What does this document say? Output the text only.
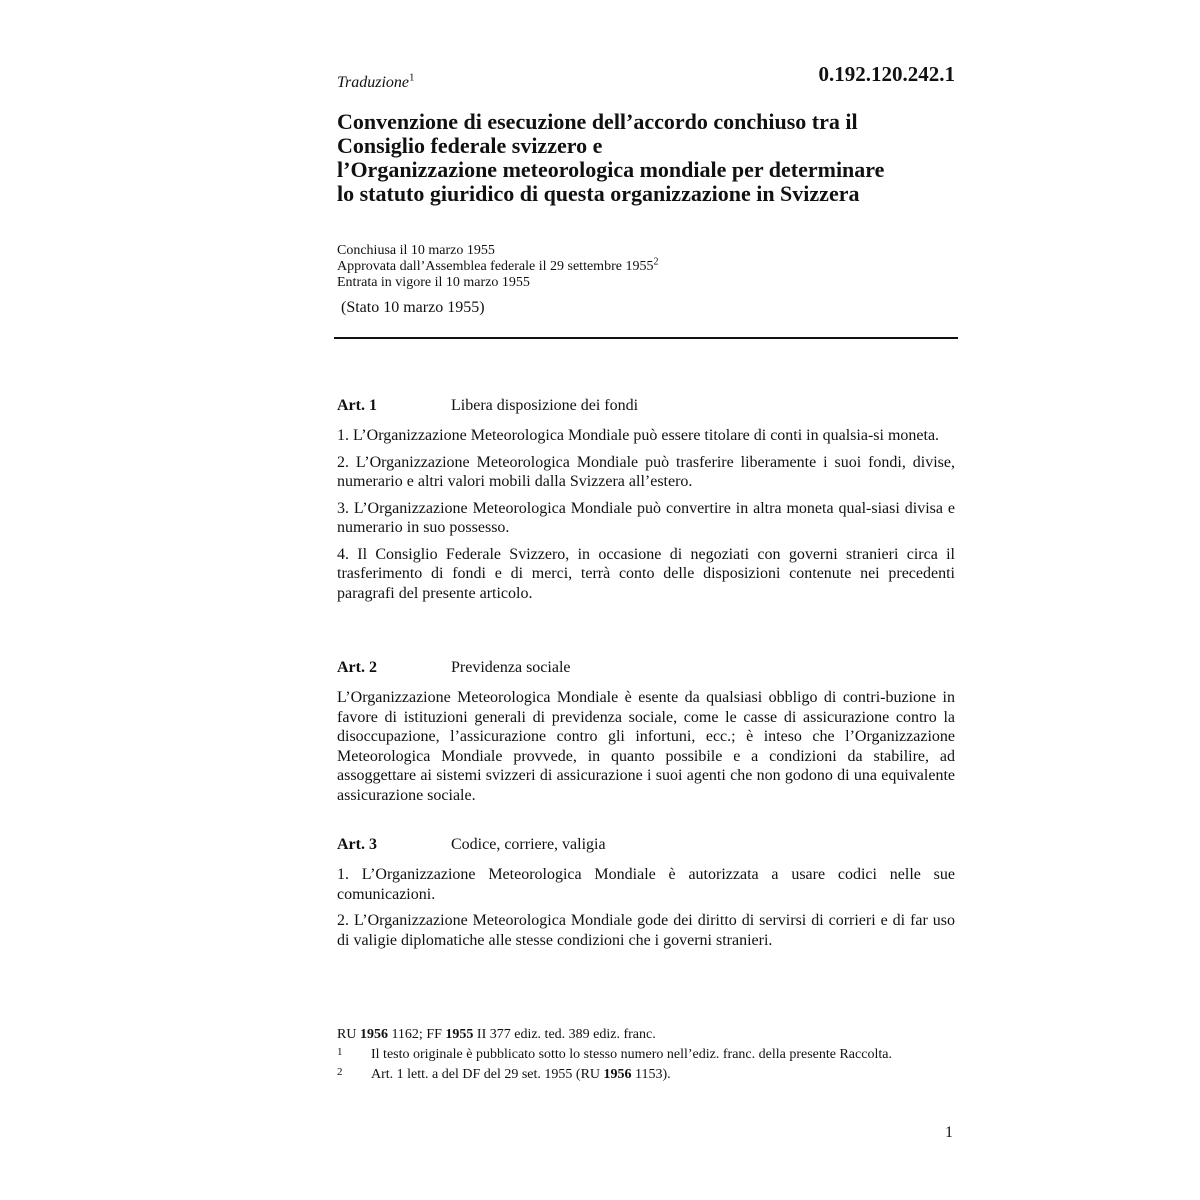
Traduzione$^1$	0.192.120.242.1
Convenzione di esecuzione dell’accordo conchiuso tra il
Consiglio federale svizzero e
l’Organizzazione meteorologica mondiale per determinare
lo statuto giuridico di questa organizzazione in Svizzera
Conchiusa il 10 marzo 1955
Approvata dall’Assemblea federale il 29 settembre 1955$^2$
Entrata in vigore il 10 marzo 1955
(Stato 10 marzo 1955)
Art. 1	Libera disposizione dei fondi

1. L’Organizzazione Meteorologica Mondiale può essere titolare di conti in qualsia-si moneta.

2. L’Organizzazione Meteorologica Mondiale può trasferire liberamente i suoi fondi, divise, numerario e altri valori mobili dalla Svizzera all’estero.

3. L’Organizzazione Meteorologica Mondiale può convertire in altra moneta qual-siasi divisa e numerario in suo possesso.

4. Il Consiglio Federale Svizzero, in occasione di negoziati con governi stranieri circa il trasferimento di fondi e di merci, terrà conto delle disposizioni contenute nei precedenti paragrafi del presente articolo.

Art. 2	Previdenza sociale

L’Organizzazione Meteorologica Mondiale è esente da qualsiasi obbligo di contri-buzione in favore di istituzioni generali di previdenza sociale, come le casse di assicurazione contro la disoccupazione, l’assicurazione contro gli infortuni, ecc.; è inteso che l’Organizzazione Meteorologica Mondiale provvede, in quanto possibile e a condizioni da stabilire, ad assoggettare ai sistemi svizzeri di assicurazione i suoi agenti che non godono di una equivalente assicurazione sociale.

Art. 3	Codice, corriere, valigia

1. L’Organizzazione Meteorologica Mondiale è autorizzata a usare codici nelle sue comunicazioni.

2. L’Organizzazione Meteorologica Mondiale gode dei diritto di servirsi di corrieri e di far uso di valigie diplomatiche alle stesse condizioni che i governi stranieri.

RU 1956 1162; FF 1955 II 377 ediz. ted. 389 ediz. franc.
1 Il testo originale è pubblicato sotto lo stesso numero nell’ediz. franc. della presente Raccolta.
2 Art. 1 lett. a del DF del 29 set. 1955 (RU 1956 1153).
1
